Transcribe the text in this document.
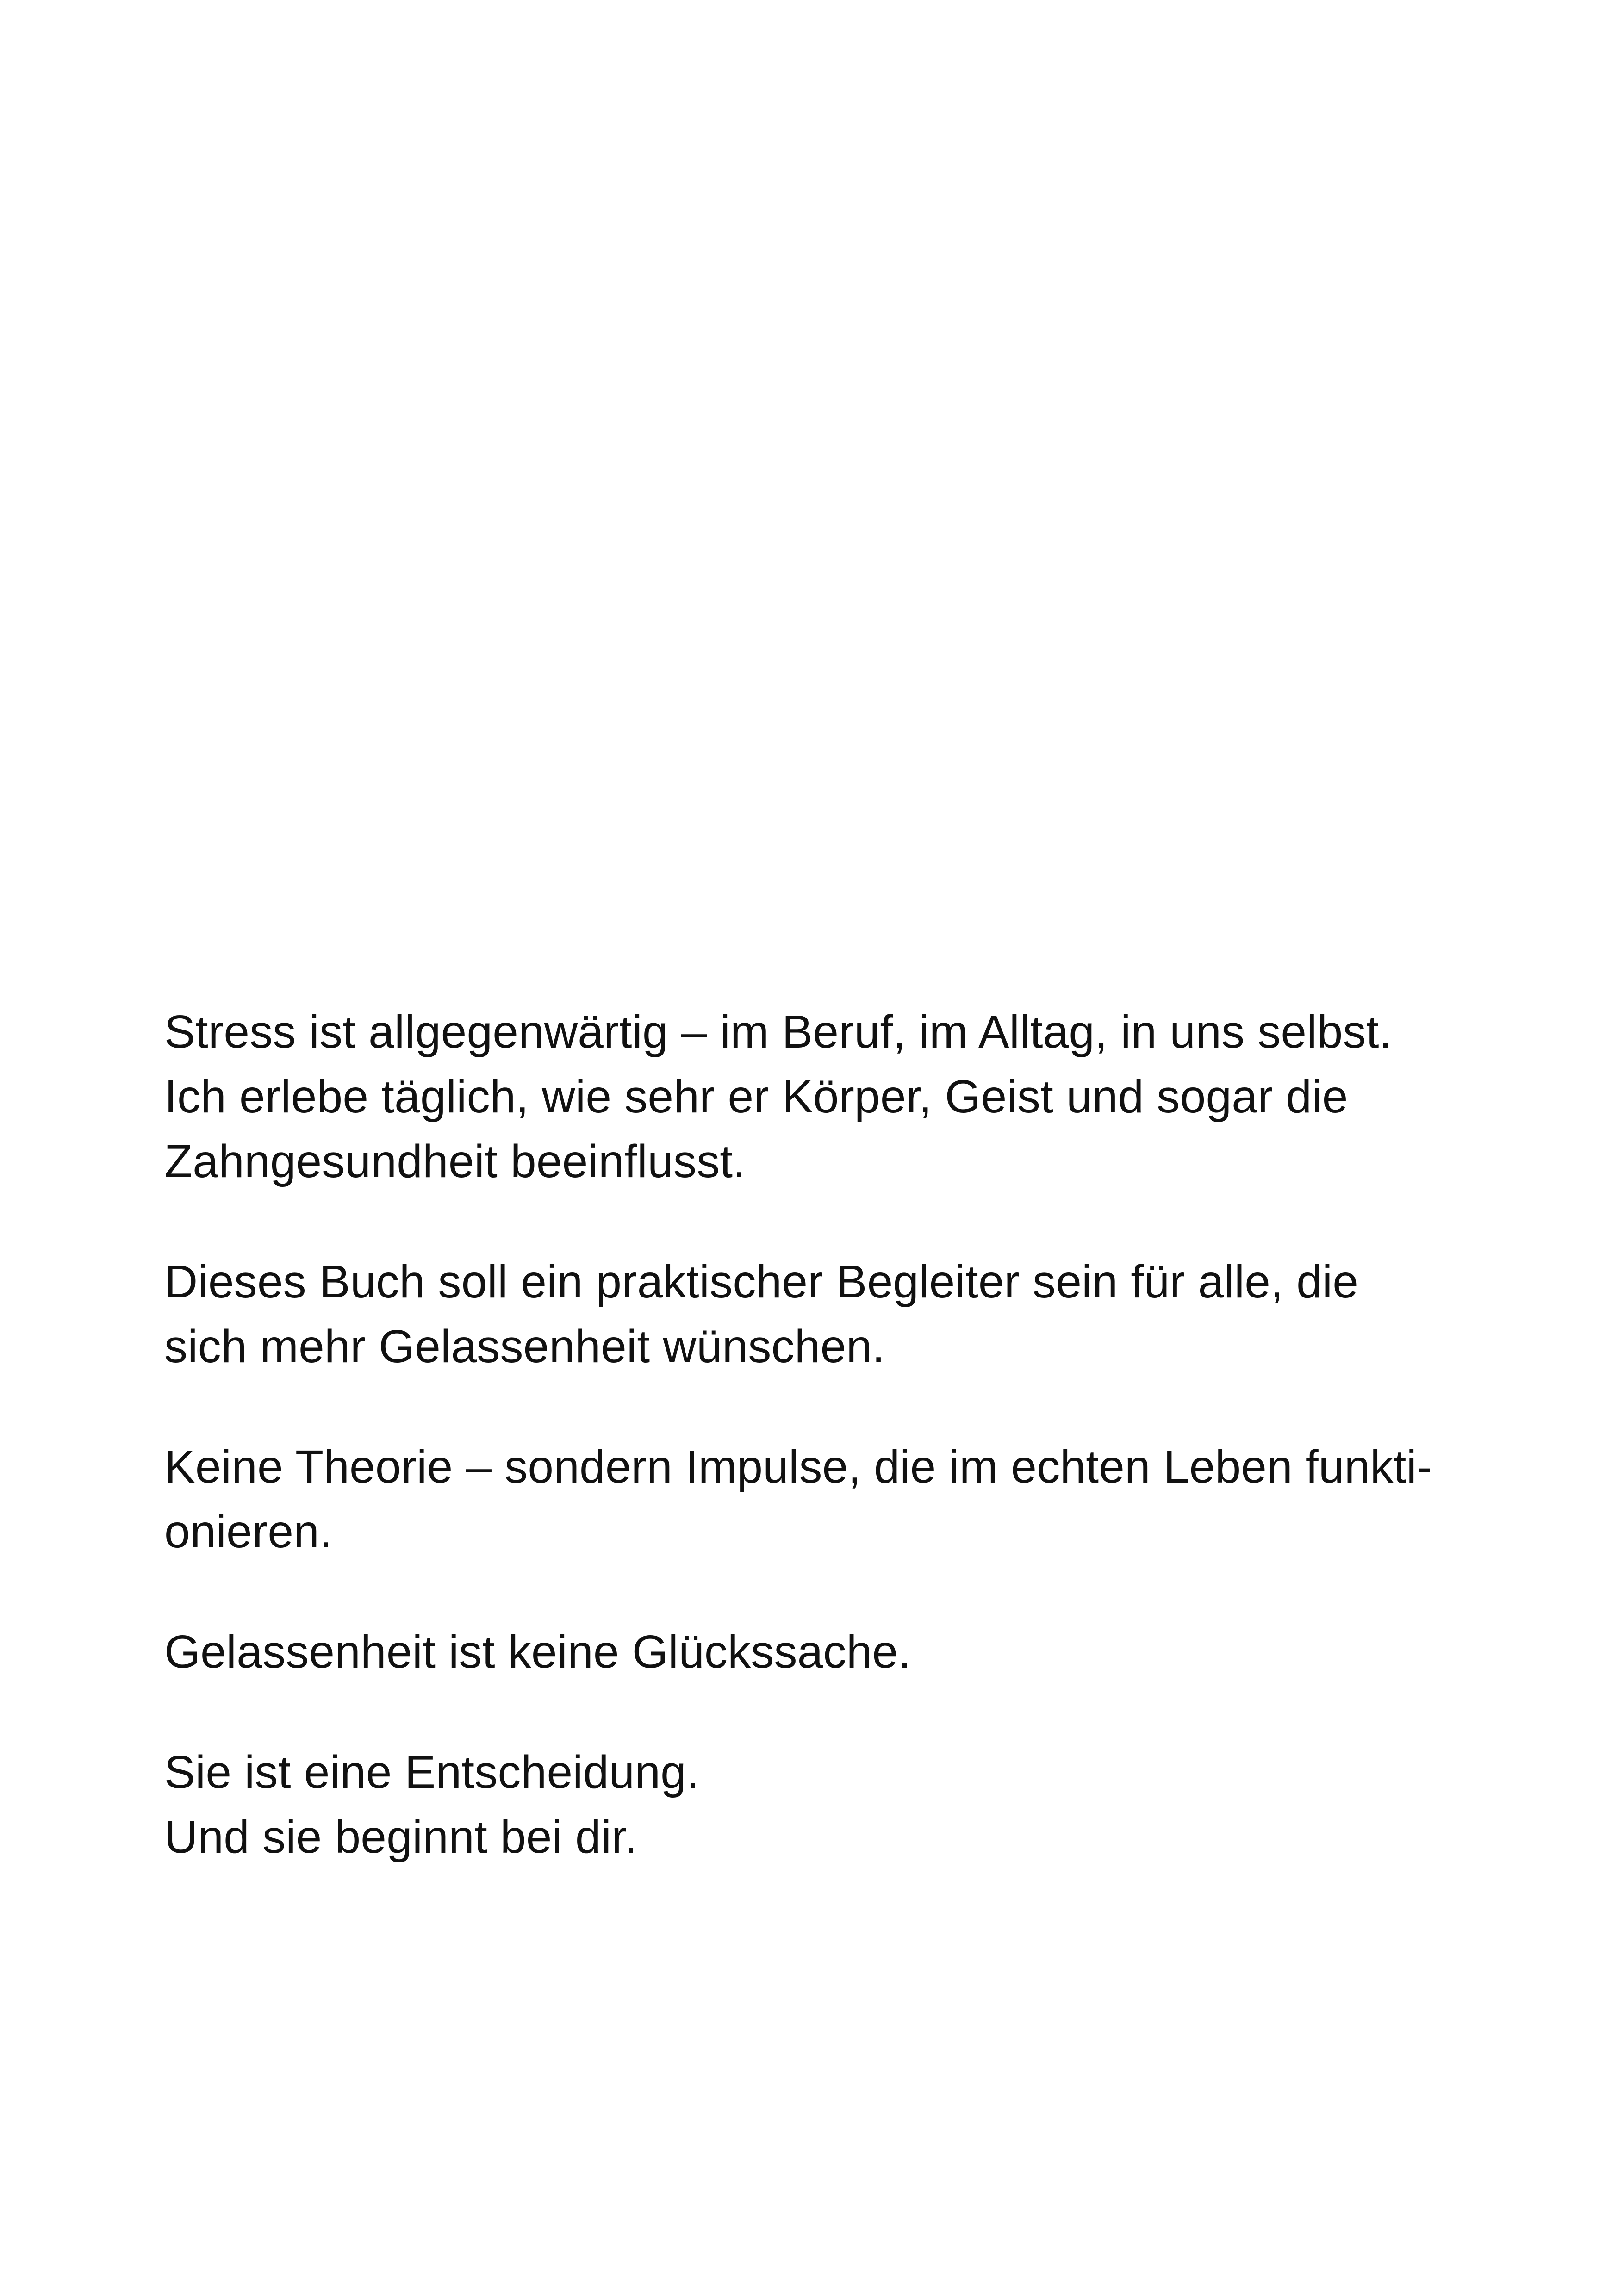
Stress ist allgegenwärtig – im Beruf, im Alltag, in uns selbst.
Ich erlebe täglich, wie sehr er Körper, Geist und sogar die
Zahngesundheit beeinflusst.

Dieses Buch soll ein praktischer Begleiter sein für alle, die
sich mehr Gelassenheit wünschen.

Keine Theorie – sondern Impulse, die im echten Leben funkti-
onieren.

Gelassenheit ist keine Glückssache.

Sie ist eine Entscheidung.
Und sie beginnt bei dir.
